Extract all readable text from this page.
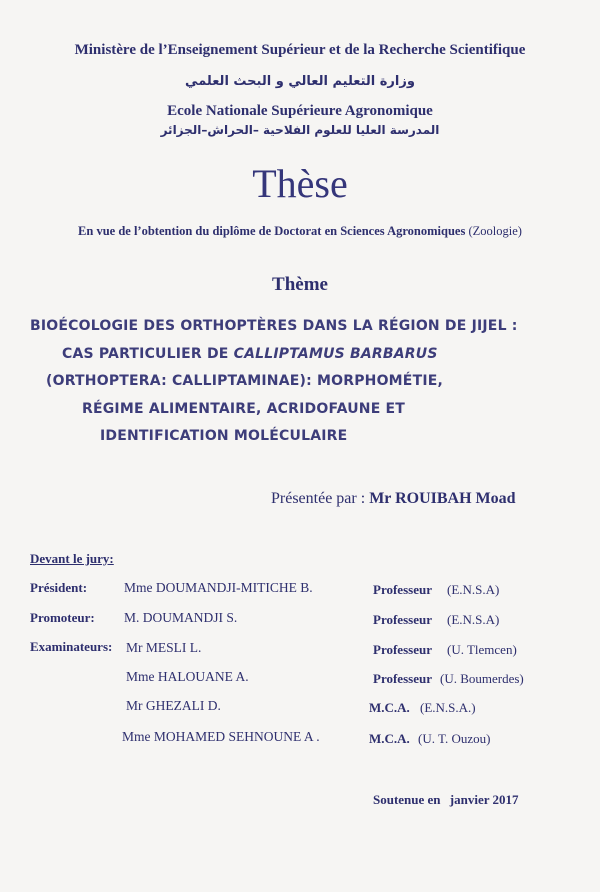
Ministère de l’Enseignement Supérieur et de la Recherche Scientifique
وزارة التعليم العالي و البحث العلمي
Ecole Nationale Supérieure Agronomique
المدرسة العليا للعلوم الفلاحية –الحراش–الجزائر
Thèse
En vue de l’obtention du diplôme de Doctorat en Sciences Agronomiques (Zoologie)
Thème
BIOÉCOLOGIE DES ORTHOPTÈRES DANS LA RÉGION DE JIJEL :
CAS PARTICULIER DE CALLIPTAMUS BARBARUS
(ORTHOPTERA: CALLIPTAMINAE): MORPHOMÉTIE,
RÉGIME ALIMENTAIRE, ACRIDOFAUNE ET
IDENTIFICATION MOLÉCULAIRE
Présentée par : Mr ROUIBAH Moad
Devant le jury:
Président:	Mme DOUMANDJI-MITICHE B.	Professeur (E.N.S.A)
Promoteur: M. DOUMANDJI S.	Professeur (E.N.S.A)
Examinateurs: Mr MESLI L.	Professeur (U. Tlemcen)
Mme HALOUANE A.	Professeur (U. Boumerdes)
Mr GHEZALI D.	M.C.A. (E.N.S.A.)
Mme MOHAMED SEHNOUNE A .	M.C.A. (U. T. Ouzou)
Soutenue en janvier 2017
